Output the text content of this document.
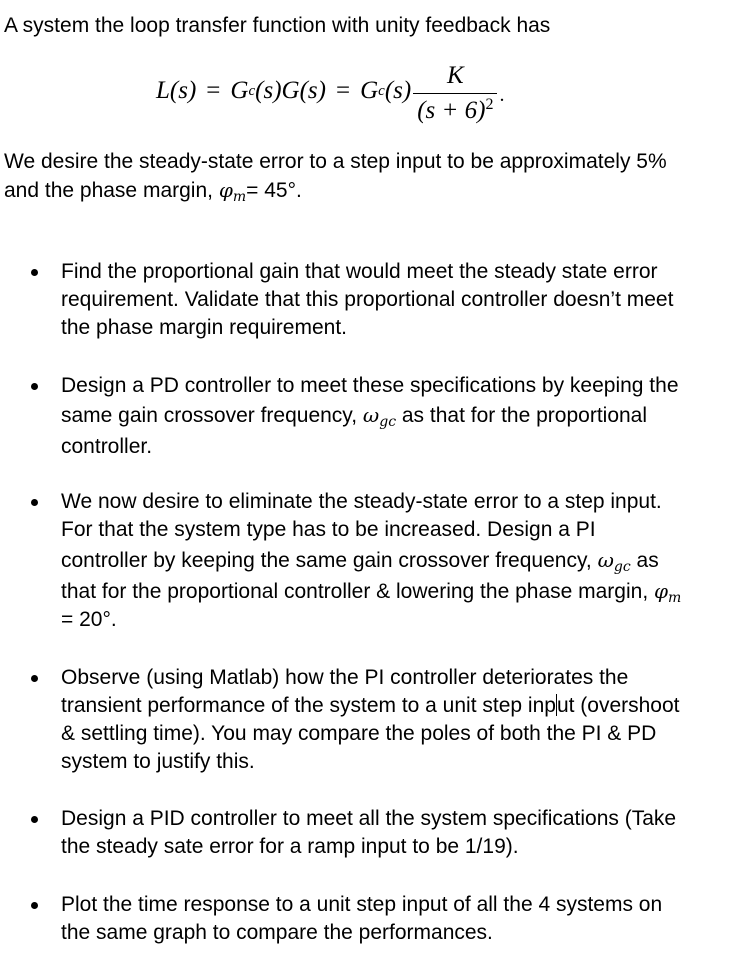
A system the loop transfer function with unity feedback has
L(s) = G c (s) G(s) = G c $(s) \frac{K}{(s + 6)^2}$ .

We desire the steady-state error to a step input to be approximately 5%

and the phase margin, $\varphi_m= 45^\circ$.

Find the proportional gain that would meet the steady state error
requirement. Validate that this proportional controller doesn’t meet
the phase margin requirement.
Design a PD controller to meet these specifications by keeping the
same gain crossover frequency, $\omega_{gc}$ as that for the proportional
controller.
We now desire to eliminate the steady-state error to a step input.
For that the system type has to be increased. Design a PI
controller by keeping the same gain crossover frequency, $\omega_{gc}$ as
that for the proportional controller & lowering the phase margin, $\varphi_m$
= 20°.
Observe (using Matlab) how the PI controller deteriorates the
transient performance of the system to a unit step input (overshoot
& settling time). You may compare the poles of both the PI & PD
system to justify this.
Design a PID controller to meet all the system specifications (Take
the steady sate error for a ramp input to be 1/19).
Plot the time response to a unit step input of all the 4 systems on
the same graph to compare the performances.
